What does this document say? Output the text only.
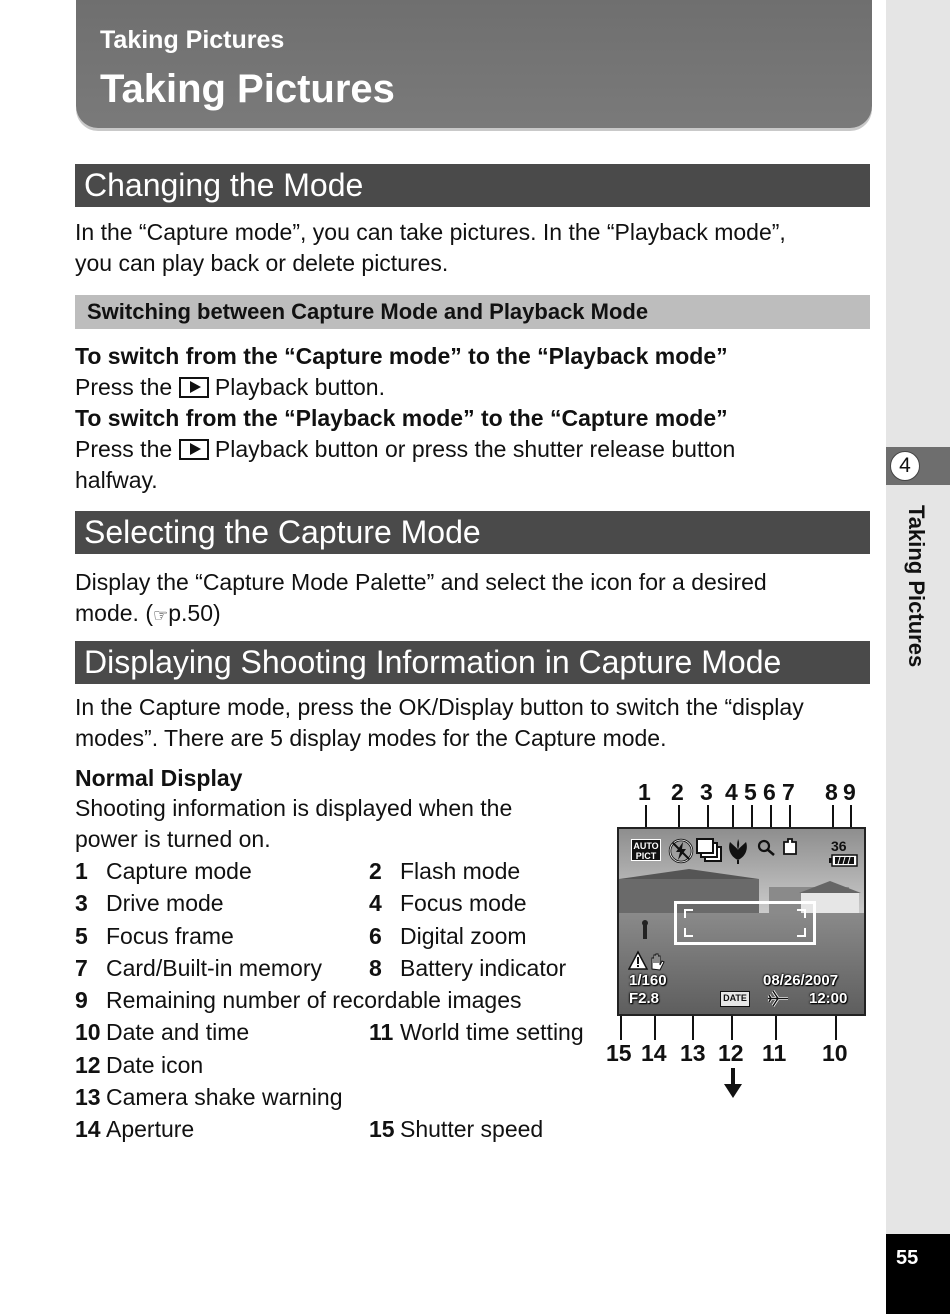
Taking Pictures
Taking Pictures
4
Taking Pictures
55
Changing the Mode
In the “Capture mode”, you can take pictures. In the “Playback mode”,
you can play back or delete pictures.
Switching between Capture Mode and Playback Mode
To switch from the “Capture mode” to the “Playback mode”
Press the  Playback button.
To switch from the “Playback mode” to the “Capture mode”
Press the  Playback button or press the shutter release button
halfway.
Selecting the Capture Mode
Display the “Capture Mode Palette” and select the icon for a desired
mode. (☞p.50)
Displaying Shooting Information in Capture Mode
In the Capture mode, press the OK/Display button to switch the “display
modes”. There are 5 display modes for the Capture mode.
Normal Display
Shooting information is displayed when the
power is turned on.
1 Capture mode	2 Flash mode
3 Drive mode	4 Focus mode
5 Focus frame	6 Digital zoom
7 Card/Built-in memory 8 Battery indicator
9 Remaining number of recordable images
10 Date and time	11 World time setting
12 Date icon
13 Camera shake warning
14 Aperture	15 Shutter speed
1 2 3 4 5 6 7 8 9
15 14 13 12 11 10
AUTO
PICT
36
1/160
F2.8
08/26/2007
12:00
DATE
